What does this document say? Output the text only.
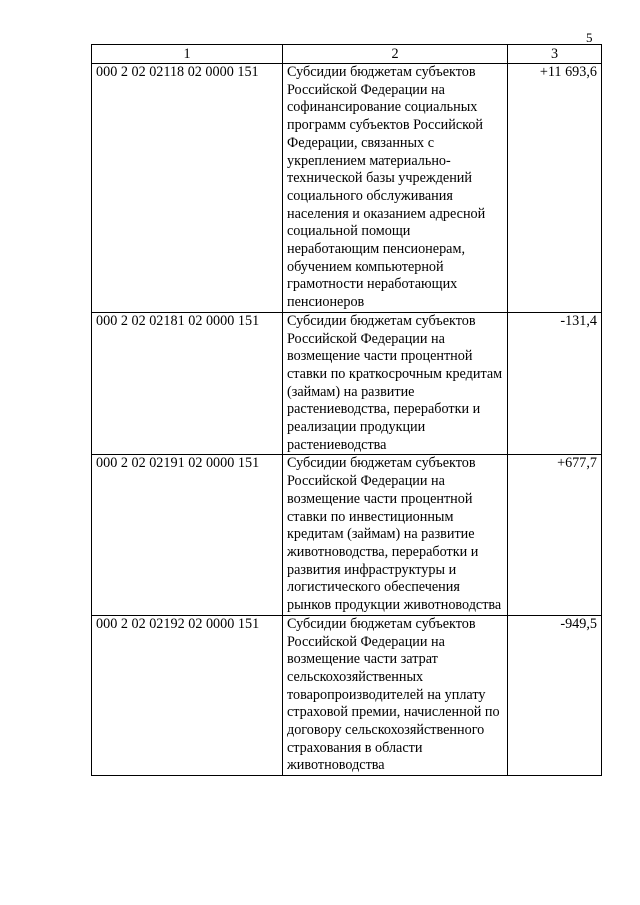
5
1	2	3
000 2 02 02118 02 0000 151	Субсидии бюджетам субъектов Российской Федерации на софинансирование социальных программ субъектов Российской Федерации, связанных с укреплением материально-технической базы учреждений социального обслуживания населения и оказанием адресной социальной помощи неработающим пенсионерам, обучением компьютерной грамотности неработающих пенсионеров	+11 693,6
000 2 02 02181 02 0000 151	Субсидии бюджетам субъектов Российской Федерации на возмещение части процентной ставки по краткосрочным кредитам (займам) на развитие растениеводства, переработки и реализации продукции растениеводства	-131,4
000 2 02 02191 02 0000 151	Субсидии бюджетам субъектов Российской Федерации на возмещение части процентной ставки по инвестиционным кредитам (займам) на развитие животноводства, переработки и развития инфраструктуры и логистического обеспечения рынков продукции животноводства	+677,7
000 2 02 02192 02 0000 151	Субсидии бюджетам субъектов Российской Федерации на возмещение части затрат сельскохозяйственных товаропроизводителей на уплату страховой премии, начисленной по договору сельскохозяйственного страхования в области животноводства	-949,5
